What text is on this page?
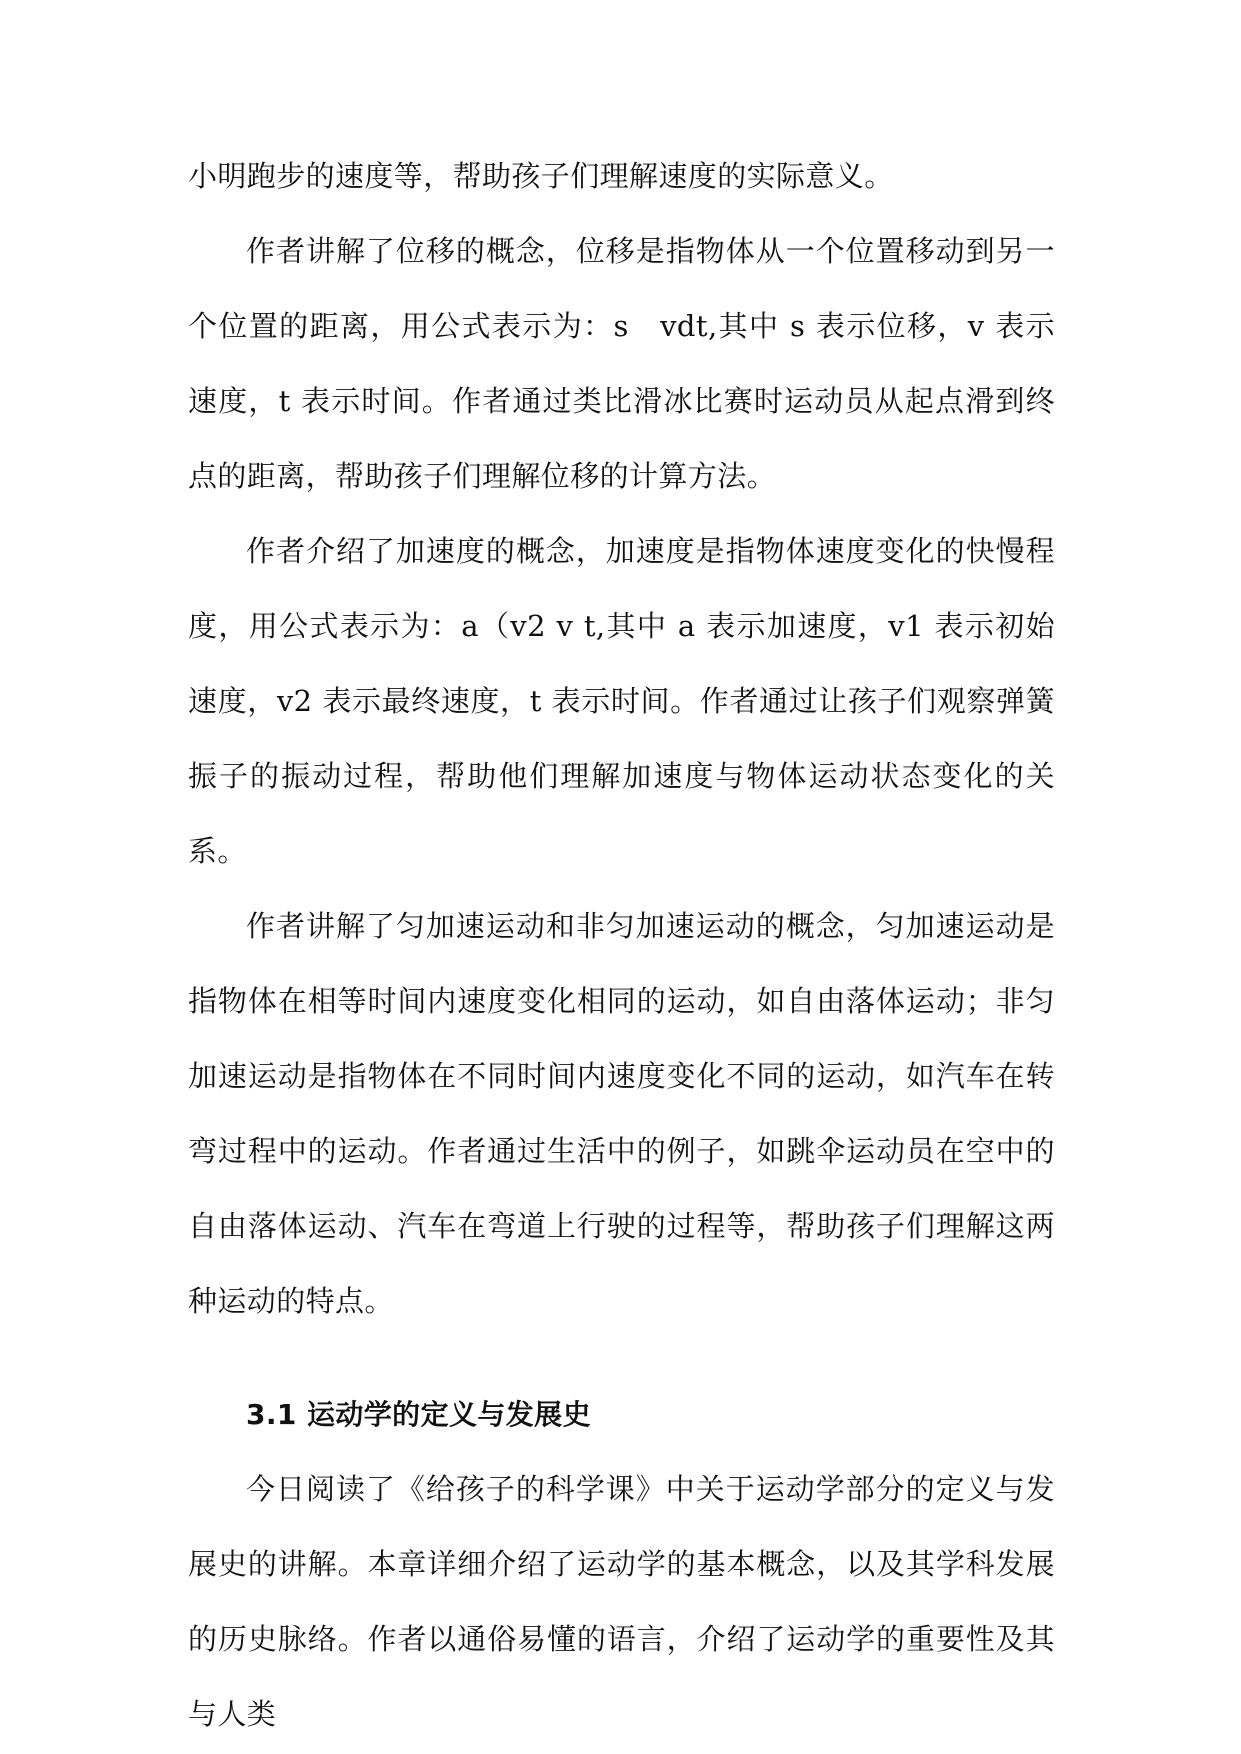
小明跑步的速度等，帮助孩子们理解速度的实际意义。

作者讲解了位移的概念，位移是指物体从一个位置移动到另一个位置的距离，用公式表示为：s　vdt,其中 s 表示位移，v 表示速度，t 表示时间。作者通过类比滑冰比赛时运动员从起点滑到终点的距离，帮助孩子们理解位移的计算方法。

作者介绍了加速度的概念，加速度是指物体速度变化的快慢程度，用公式表示为：a（v2 v t,其中 a 表示加速度，v1 表示初始速度，v2 表示最终速度，t 表示时间。作者通过让孩子们观察弹簧振子的振动过程，帮助他们理解加速度与物体运动状态变化的关系。

作者讲解了匀加速运动和非匀加速运动的概念，匀加速运动是指物体在相等时间内速度变化相同的运动，如自由落体运动；非匀加速运动是指物体在不同时间内速度变化不同的运动，如汽车在转弯过程中的运动。作者通过生活中的例子，如跳伞运动员在空中的自由落体运动、汽车在弯道上行驶的过程等，帮助孩子们理解这两种运动的特点。

3.1 运动学的定义与发展史

今日阅读了《给孩子的科学课》中关于运动学部分的定义与发展史的讲解。本章详细介绍了运动学的基本概念，以及其学科发展的历史脉络。作者以通俗易懂的语言，介绍了运动学的重要性及其与人类
